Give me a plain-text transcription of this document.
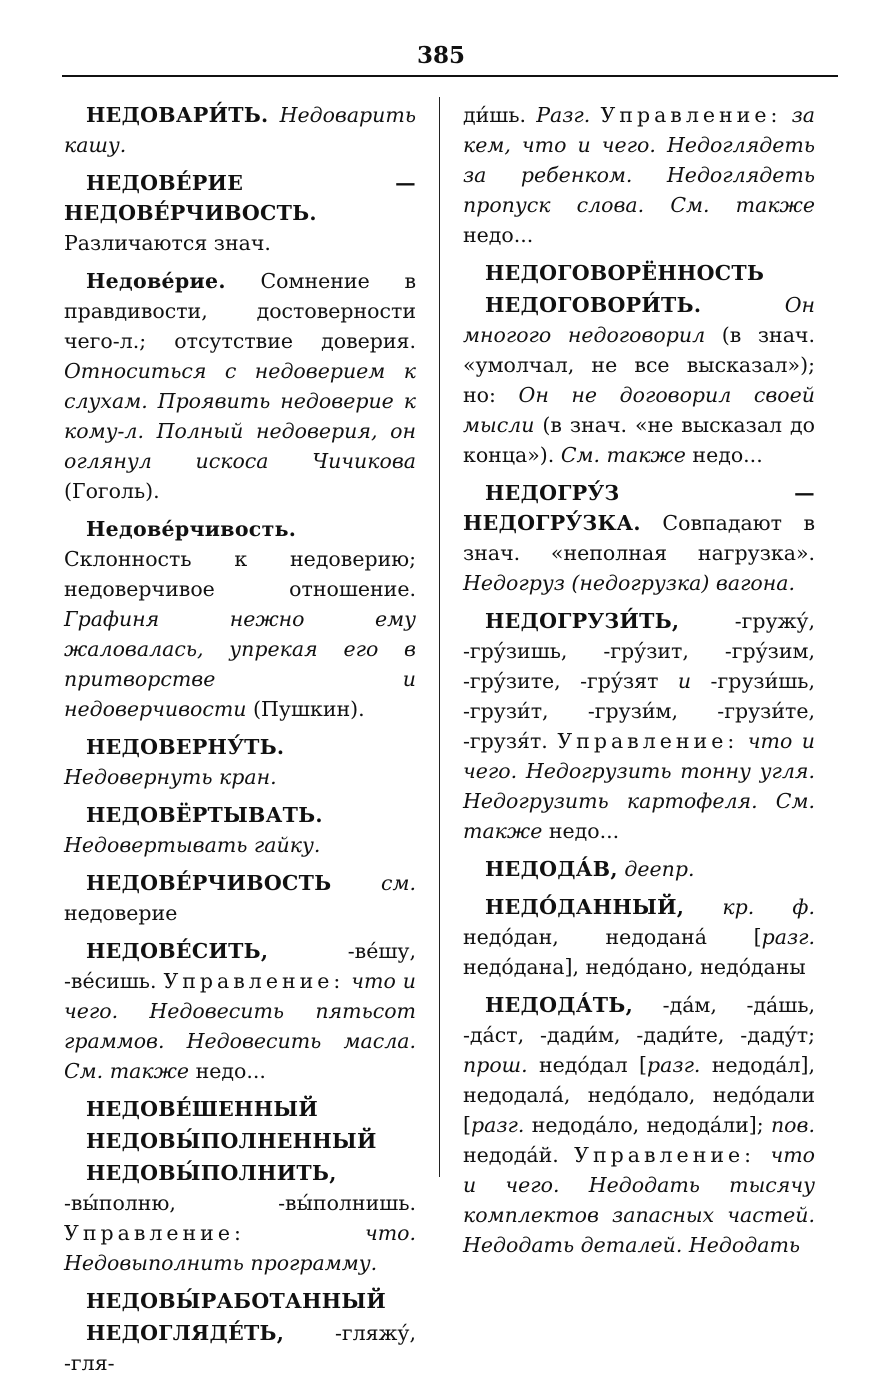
385

НЕДОВАРИ́ТЬ. Недоварить кашу.

НЕДОВЕ́РИЕ — НЕДОВЕ́РЧИВОСТЬ. Различаются знач.

Недове́рие. Сомнение в правдивости, достоверности чего-л.; отсутствие доверия. Относиться с недоверием к слухам. Проявить недоверие к кому-л. Полный недоверия, он оглянул искоса Чичикова (Гоголь).

Недове́рчивость. Склонность к недоверию; недоверчивое отношение. Графиня нежно ему жаловалась, упрекая его в притворстве и недоверчивости (Пушкин).

НЕДОВЕРНУ́ТЬ. Недовернуть кран.

НЕДОВЁРТЫВАТЬ. Недовертывать гайку.

НЕДОВЕ́РЧИВОСТЬ см. недоверие

НЕДОВЕ́СИТЬ,	-ве́шу, -ве́сишь. Управление: что и чего. Недовесить пятьсот граммов. Недовесить масла. См. также недо...

НЕДОВЕ́ШЕННЫЙ

НЕДОВЫ́ПОЛНЕННЫЙ

НЕДОВЫ́ПОЛНИТЬ, -вы́полню, -вы́полнишь. Управление:	что. Недовыполнить программу.

НЕДОВЫ́РАБОТАННЫЙ

НЕДОГЛЯДЕ́ТЬ, -гляжу́, -гля-

ди́шь. Разг. Управление: за кем, что и чего. Недоглядеть за ребенком. Недоглядеть пропуск слова. См. также недо...

НЕДОГОВОРЁННОСТЬ

НЕДОГОВОРИ́ТЬ.	Он многого недоговорил (в знач. «умолчал, не все высказал»); но: Он не договорил своей мысли (в знач. «не высказал до конца»). См. также недо...

НЕДОГРУ́З — НЕДОГРУ́ЗКА. Совпадают в знач. «неполная нагрузка». Недогруз (недогрузка) вагона.

НЕДОГРУЗИ́ТЬ,	-гружу́, -гру́зишь, -гру́зит, -гру́зим, -гру́зите, -гру́зят и -грузи́шь, -грузи́т, -грузи́м, -грузи́те, -грузя́т. Управление: что и чего. Недогрузить тонну угля. Недогрузить картофеля. См. также недо...

НЕДОДА́В, деепр.

НЕДО́ДАННЫЙ, кр. ф. недо́дан, недодана́ [разг. недо́дана], недо́дано, недо́даны

НЕДОДА́ТЬ, -да́м, -да́шь, -да́ст, -дади́м, -дади́те, -даду́т; прош. недо́дал [разг. недода́л], недодала́, недо́дало, недо́дали [разг. недода́ло, недода́ли]; пов. недода́й. Управление: что и чего. Недодать тысячу комплектов запасных частей. Недодать деталей. Недодать
